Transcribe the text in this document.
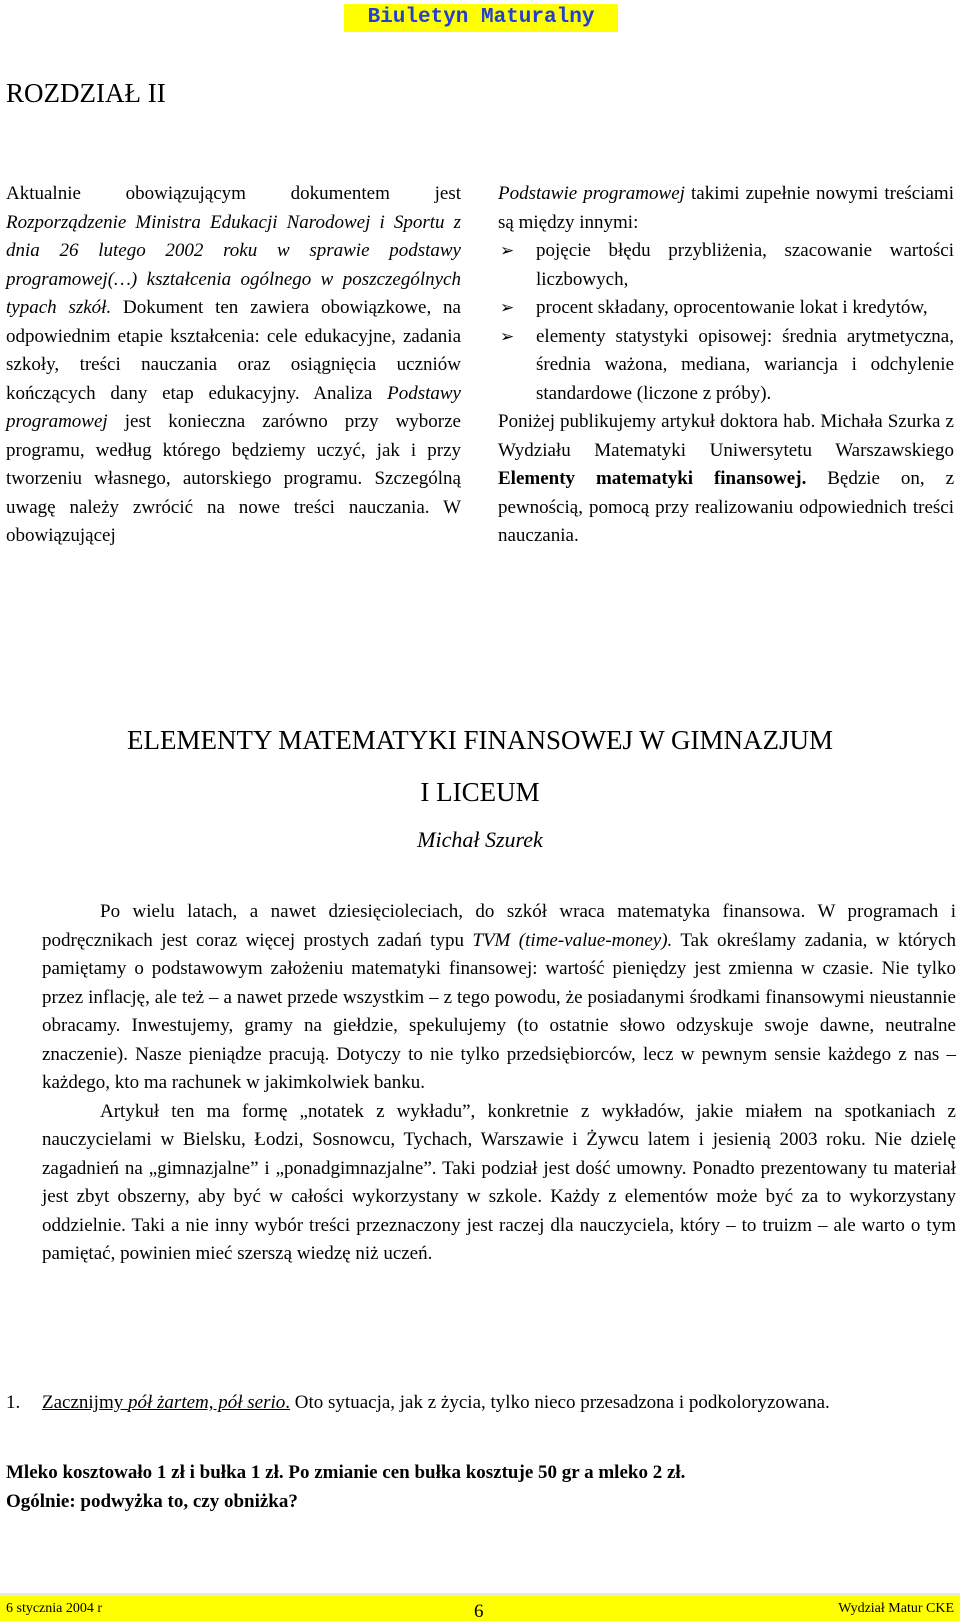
Biuletyn Maturalny
ROZDZIAŁ II

Aktualnie obowiązującym dokumentem jest Rozporządzenie Ministra Edukacji Narodowej i Sportu z dnia 26 lutego 2002 roku w sprawie podstawy programowej(…) kształcenia ogólnego w poszczególnych typach szkół. Dokument ten zawiera obowiązkowe, na odpowiednim etapie kształcenia: cele edukacyjne, zadania szkoły, treści nauczania oraz osiągnięcia uczniów kończących dany etap edukacyjny. Analiza Podstawy programowej jest konieczna zarówno przy wyborze programu, według którego będziemy uczyć, jak i przy tworzeniu własnego, autorskiego programu. Szczególną uwagę należy zwrócić na nowe treści nauczania. W obowiązującej

Podstawie programowej takimi zupełnie nowymi treściami są między innymi:

➢ pojęcie błędu przybliżenia, szacowanie wartości liczbowych,
➢ procent składany, oprocentowanie lokat i kredytów,
➢ elementy statystyki opisowej: średnia arytmetyczna, średnia ważona, mediana, wariancja i odchylenie standardowe (liczone z próby).

Poniżej publikujemy artykuł doktora hab. Michała Szurka z Wydziału Matematyki Uniwersytetu Warszawskiego Elementy matematyki finansowej. Będzie on, z pewnością, pomocą przy realizowaniu odpowiednich treści nauczania.

ELEMENTY MATEMATYKI FINANSOWEJ W GIMNAZJUM
I LICEUM
Michał Szurek

Po wielu latach, a nawet dziesięcioleciach, do szkół wraca matematyka finansowa. W programach i podręcznikach jest coraz więcej prostych zadań typu TVM (time-value-money). Tak określamy zadania, w których pamiętamy o podstawowym założeniu matematyki finansowej: wartość pieniędzy jest zmienna w czasie. Nie tylko przez inflację, ale też – a nawet przede wszystkim – z tego powodu, że posiadanymi środkami finansowymi nieustannie obracamy. Inwestujemy, gramy na giełdzie, spekulujemy (to ostatnie słowo odzyskuje swoje dawne, neutralne znaczenie). Nasze pieniądze pracują. Dotyczy to nie tylko przedsiębiorców, lecz w pewnym sensie każdego z nas – każdego, kto ma rachunek w jakimkolwiek banku.

Artykuł ten ma formę „notatek z wykładu”, konkretnie z wykładów, jakie miałem na spotkaniach z nauczycielami w Bielsku, Łodzi, Sosnowcu, Tychach, Warszawie i Żywcu latem i jesienią 2003 roku. Nie dzielę zagadnień na „gimnazjalne” i „ponadgimnazjalne”. Taki podział jest dość umowny. Ponadto prezentowany tu materiał jest zbyt obszerny, aby być w całości wykorzystany w szkole. Każdy z elementów może być za to wykorzystany oddzielnie. Taki a nie inny wybór treści przeznaczony jest raczej dla nauczyciela, który – to truizm – ale warto o tym pamiętać, powinien mieć szerszą wiedzę niż uczeń.

1. Zacznijmy pół żartem, pół serio. Oto sytuacja, jak z życia, tylko nieco przesadzona i podkoloryzowana.

Mleko kosztowało 1 zł i bułka 1 zł. Po zmianie cen bułka kosztuje 50 gr a mleko 2 zł.

Ogólnie: podwyżka to, czy obniżka?

6 stycznia 2004 r	6	Wydział Matur CKE
